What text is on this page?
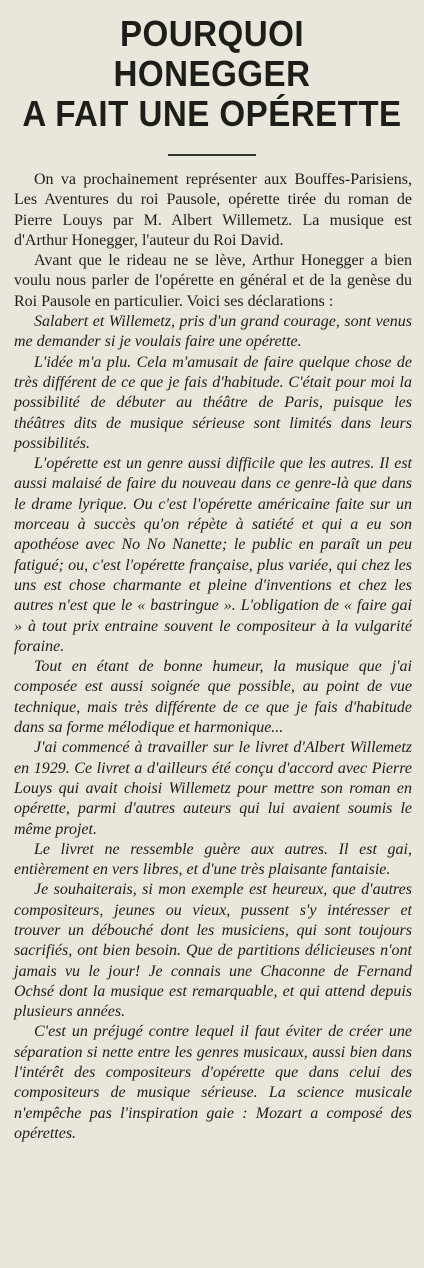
POURQUOI HONEGGER
A FAIT UNE OPÉRETTE

On va prochainement représenter aux Bouffes-Parisiens, Les Aventures du roi Pausole, opérette tirée du roman de Pierre Louys par M. Albert Willemetz. La musique est d'Arthur Honegger, l'auteur du Roi David.

Avant que le rideau ne se lève, Arthur Honegger a bien voulu nous parler de l'opérette en général et de la genèse du Roi Pausole en particulier. Voici ses déclarations :

Salabert et Willemetz, pris d'un grand courage, sont venus me demander si je voulais faire une opérette.

L'idée m'a plu. Cela m'amusait de faire quelque chose de très différent de ce que je fais d'habitude. C'était pour moi la possibilité de débuter au théâtre de Paris, puisque les théâtres dits de musique sérieuse sont limités dans leurs possibilités.

L'opérette est un genre aussi difficile que les autres. Il est aussi malaisé de faire du nouveau dans ce genre-là que dans le drame lyrique. Ou c'est l'opérette américaine faite sur un morceau à succès qu'on répète à satiété et qui a eu son apothéose avec No No Nanette; le public en paraît un peu fatigué; ou, c'est l'opérette française, plus variée, qui chez les uns est chose charmante et pleine d'inventions et chez les autres n'est que le « bastringue ». L'obligation de « faire gai » à tout prix entraine souvent le compositeur à la vulgarité foraine.

Tout en étant de bonne humeur, la musique que j'ai composée est aussi soignée que possible, au point de vue technique, mais très différente de ce que je fais d'habitude dans sa forme mélodique et harmonique...

J'ai commencé à travailler sur le livret d'Albert Willemetz en 1929. Ce livret a d'ailleurs été conçu d'accord avec Pierre Louys qui avait choisi Willemetz pour mettre son roman en opérette, parmi d'autres auteurs qui lui avaient soumis le même projet.

Le livret ne ressemble guère aux autres. Il est gai, entièrement en vers libres, et d'une très plaisante fantaisie.

Je souhaiterais, si mon exemple est heureux, que d'autres compositeurs, jeunes ou vieux, pussent s'y intéresser et trouver un débouché dont les musiciens, qui sont toujours sacrifiés, ont bien besoin. Que de partitions délicieuses n'ont jamais vu le jour! Je connais une Chaconne de Fernand Ochsé dont la musique est remarquable, et qui attend depuis plusieurs années.

C'est un préjugé contre lequel il faut éviter de créer une séparation si nette entre les genres musicaux, aussi bien dans l'intérêt des compositeurs d'opérette que dans celui des compositeurs de musique sérieuse. La science musicale n'empêche pas l'inspiration gaie : Mozart a composé des opérettes.
